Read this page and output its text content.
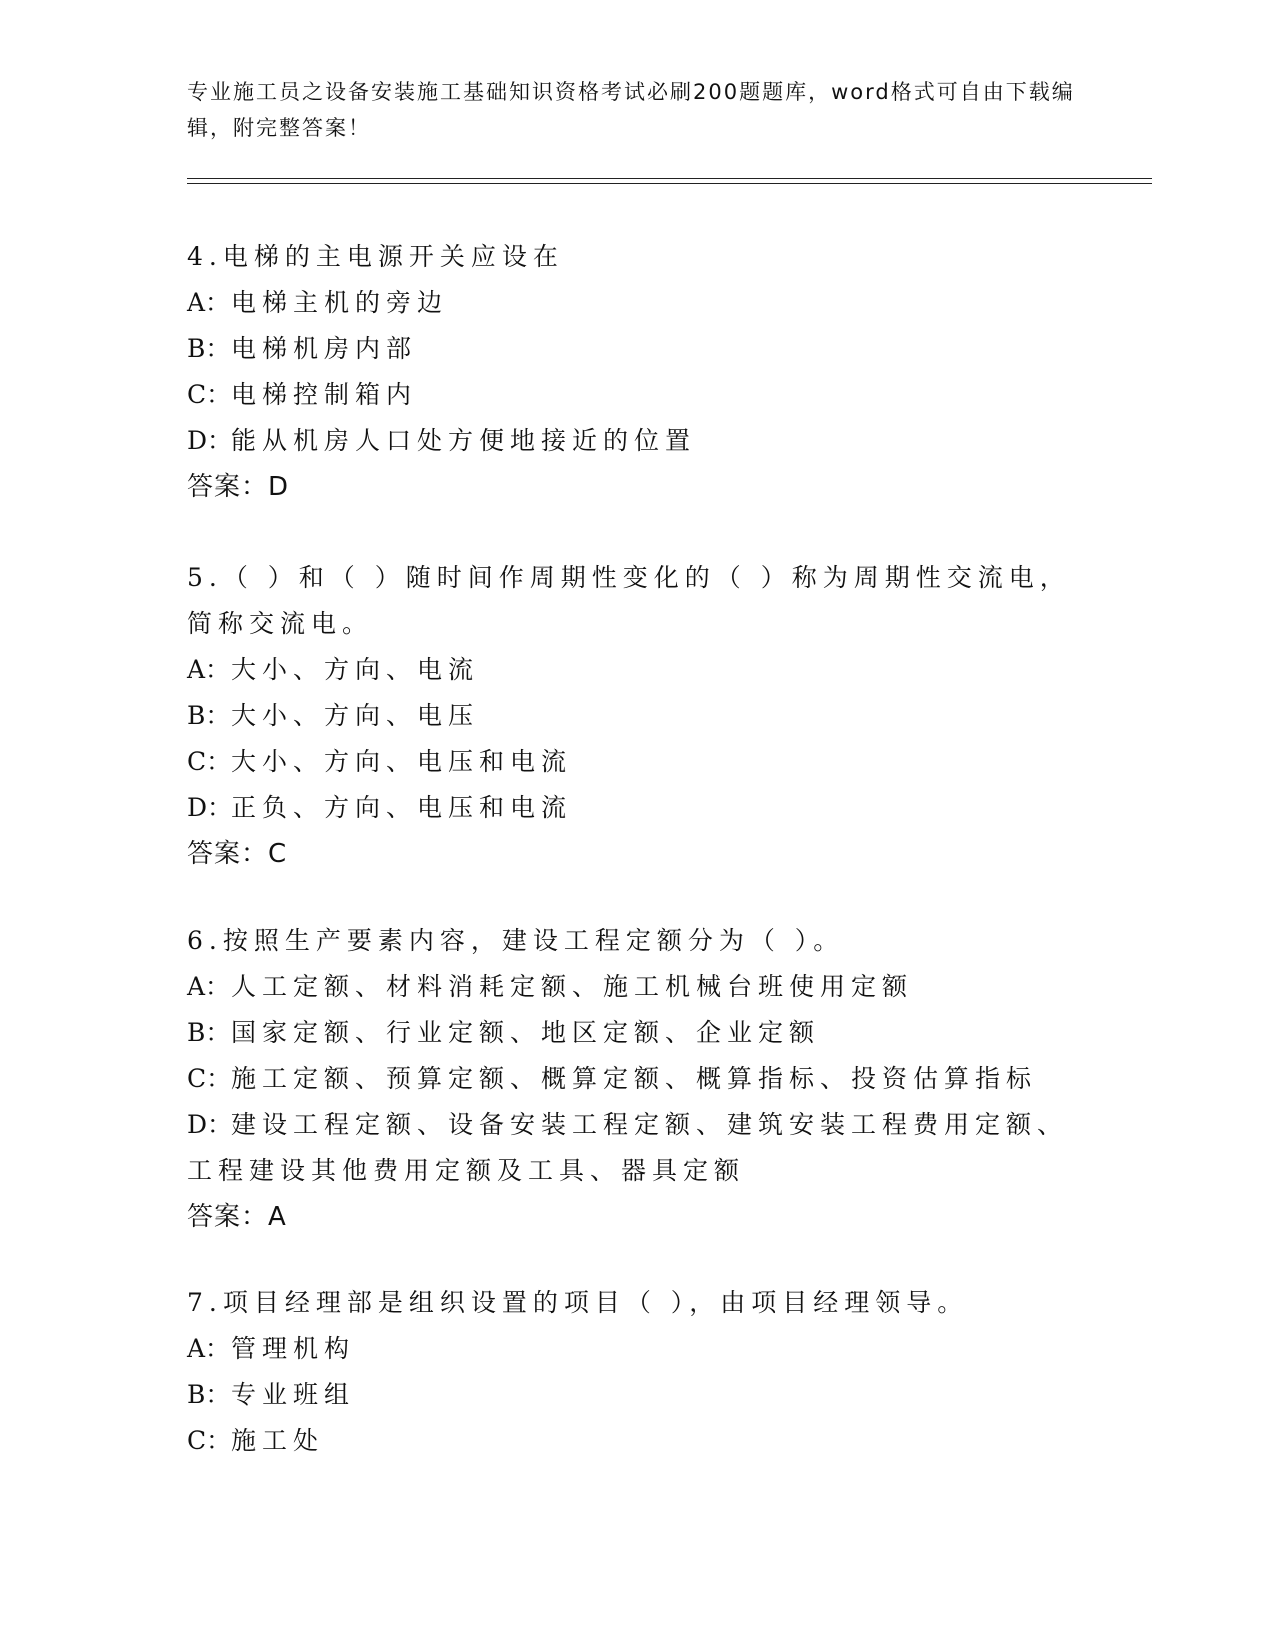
专业施工员之设备安装施工基础知识资格考试必刷200题题库，word格式可自由下载编辑，附完整答案！
4.电梯的主电源开关应设在
A：电梯主机的旁边
B：电梯机房内部
C：电梯控制箱内
D：能从机房人口处方便地接近的位置
答案：D
5.（ ）和（ ）随时间作周期性变化的（ ）称为周期性交流电，简称交流电。
A：大小、方向、电流
B：大小、方向、电压
C：大小、方向、电压和电流
D：正负、方向、电压和电流
答案：C
6.按照生产要素内容，建设工程定额分为（ ）。
A：人工定额、材料消耗定额、施工机械台班使用定额
B：国家定额、行业定额、地区定额、企业定额
C：施工定额、预算定额、概算定额、概算指标、投资估算指标
D：建设工程定额、设备安装工程定额、建筑安装工程费用定额、工程建设其他费用定额及工具、器具定额
答案：A
7.项目经理部是组织设置的项目（ ），由项目经理领导。
A：管理机构
B：专业班组
C：施工处
